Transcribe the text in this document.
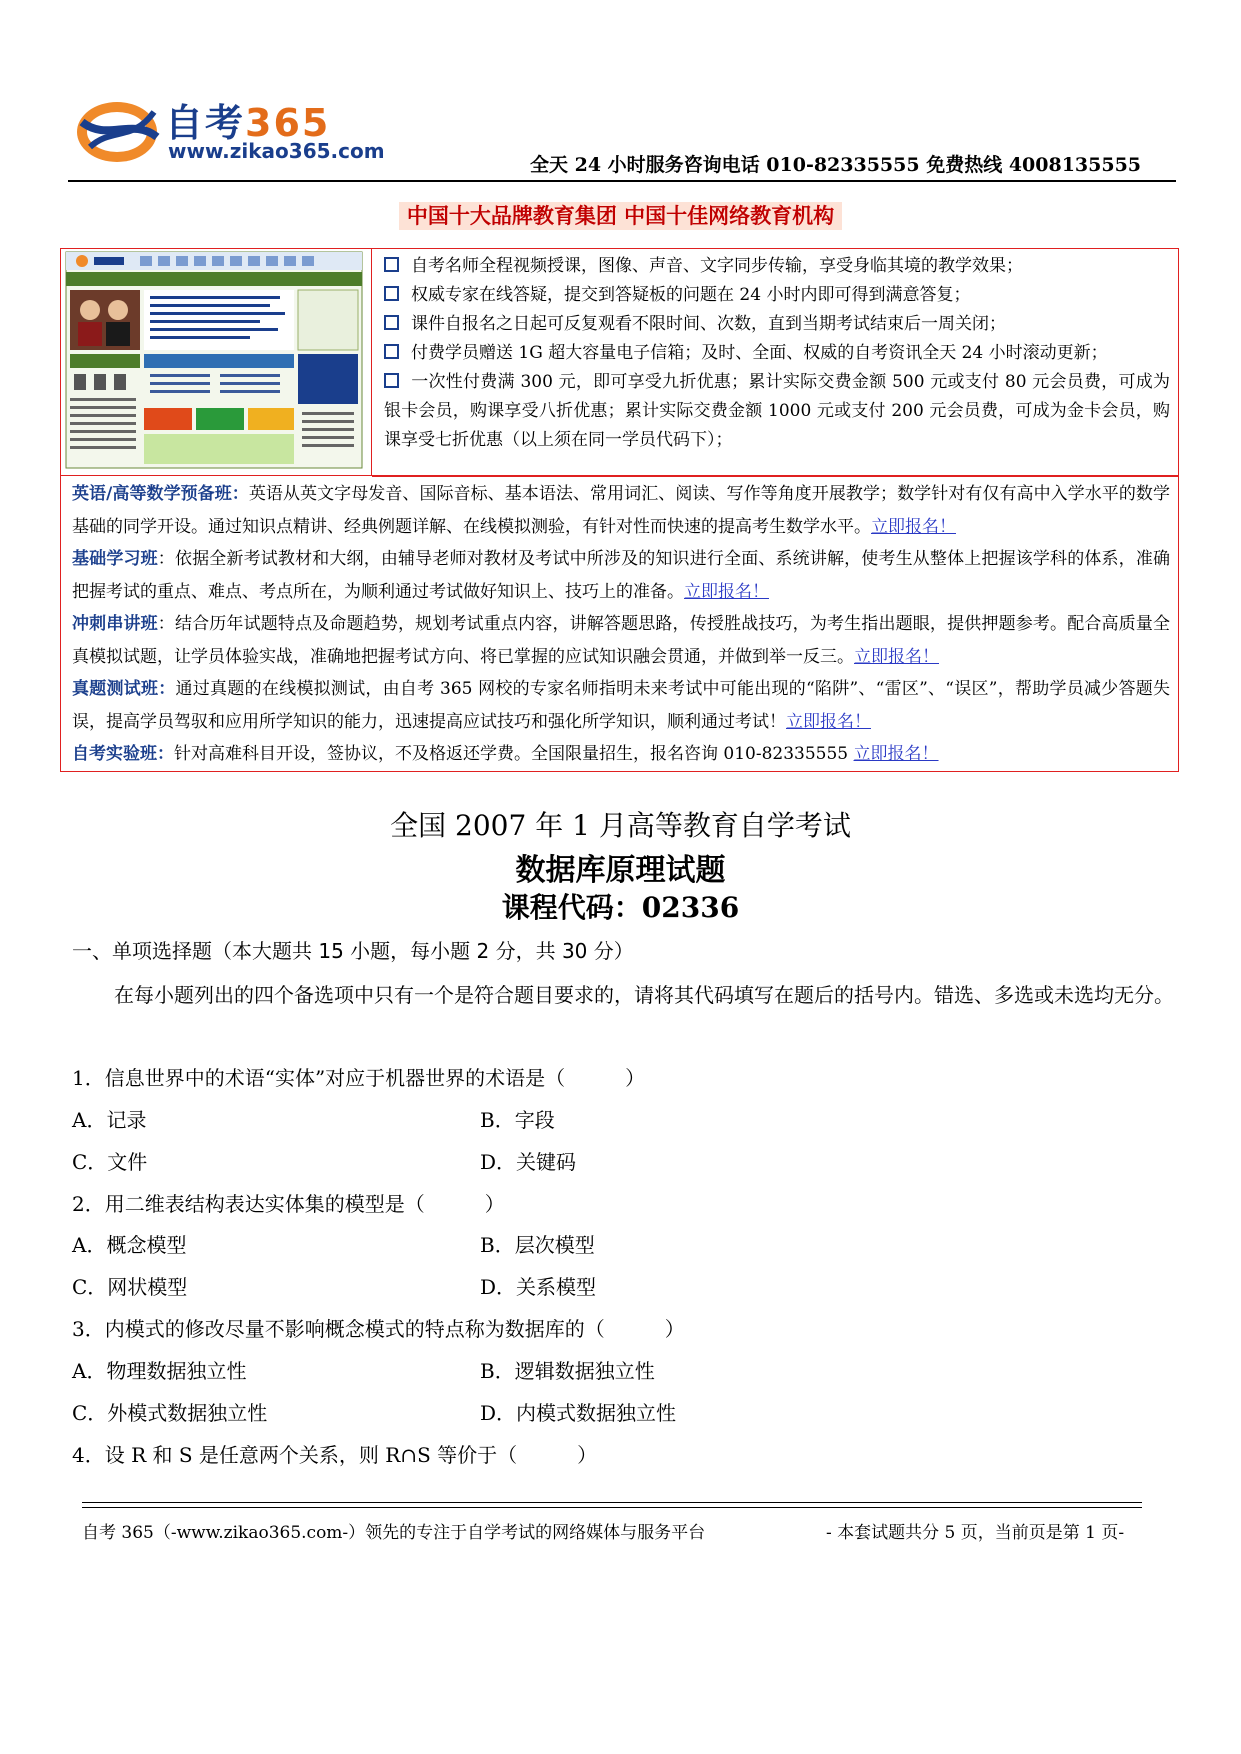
自考365
www.zikao365.com
全天 24 小时服务咨询电话 010-82335555 免费热线 4008135555
中国十大品牌教育集团 中国十佳网络教育机构
自考名师全程视频授课，图像、声音、文字同步传输，享受身临其境的教学效果；
权威专家在线答疑，提交到答疑板的问题在 24 小时内即可得到满意答复；
课件自报名之日起可反复观看不限时间、次数，直到当期考试结束后一周关闭；
付费学员赠送 1G 超大容量电子信箱；及时、全面、权威的自考资讯全天 24 小时滚动更新；
一次性付费满 300 元，即可享受九折优惠；累计实际交费金额 500 元或支付 80 元会员费，可成为银卡会员，购课享受八折优惠；累计实际交费金额 1000 元或支付 200 元会员费，可成为金卡会员，购课享受七折优惠（以上须在同一学员代码下）；
英语/高等数学预备班：英语从英文字母发音、国际音标、基本语法、常用词汇、阅读、写作等角度开展教学；数学针对有仅有高中入学水平的数学基础的同学开设。通过知识点精讲、经典例题详解、在线模拟测验，有针对性而快速的提高考生数学水平。立即报名！
基础学习班：依据全新考试教材和大纲，由辅导老师对教材及考试中所涉及的知识进行全面、系统讲解，使考生从整体上把握该学科的体系，准确把握考试的重点、难点、考点所在，为顺利通过考试做好知识上、技巧上的准备。立即报名！
冲刺串讲班：结合历年试题特点及命题趋势，规划考试重点内容，讲解答题思路，传授胜战技巧，为考生指出题眼，提供押题参考。配合高质量全真模拟试题，让学员体验实战，准确地把握考试方向、将已掌握的应试知识融会贯通，并做到举一反三。立即报名！
真题测试班：通过真题的在线模拟测试，由自考 365 网校的专家名师指明未来考试中可能出现的“陷阱”、“雷区”、“误区”，帮助学员减少答题失误，提高学员驾驭和应用所学知识的能力，迅速提高应试技巧和强化所学知识，顺利通过考试！立即报名！
自考实验班：针对高难科目开设，签协议，不及格返还学费。全国限量招生，报名咨询 010-82335555 立即报名！
全国 2007 年 1 月高等教育自学考试
数据库原理试题
课程代码：02336
一、单项选择题（本大题共 15 小题，每小题 2 分，共 30 分）
在每小题列出的四个备选项中只有一个是符合题目要求的，请将其代码填写在题后的括号内。错选、多选或未选均无分。
1．信息世界中的术语“实体”对应于机器世界的术语是（　　　）
A．记录	B．字段
C．文件	D．关键码
2．用二维表结构表达实体集的模型是（　　　）
A．概念模型	B．层次模型
C．网状模型	D．关系模型
3．内模式的修改尽量不影响概念模式的特点称为数据库的（　　　）
A．物理数据独立性	B．逻辑数据独立性
C．外模式数据独立性	D．内模式数据独立性
4．设 R 和 S 是任意两个关系，则 R∩S 等价于（　　　）
自考 365（-www.zikao365.com-）领先的专注于自学考试的网络媒体与服务平台	- 本套试题共分 5 页，当前页是第 1 页-
